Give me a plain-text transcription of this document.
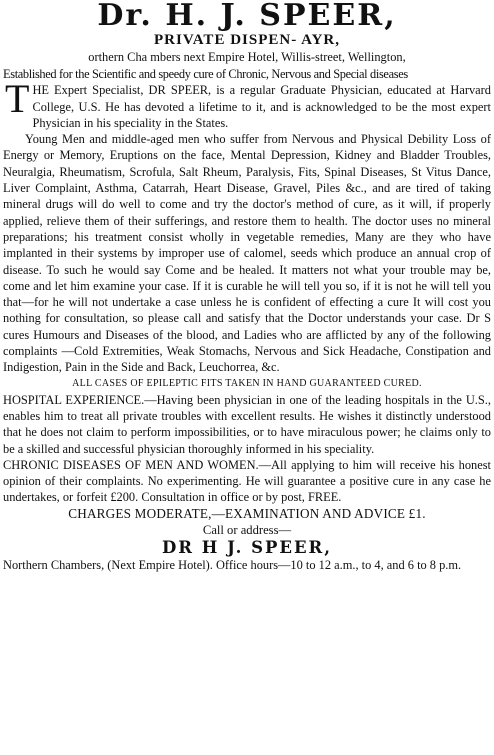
Dr. H. J. SPEER,
PRIVATE DISPEN- AYR,
orthern Cha mbers next Empire Hotel, Willis-street, Wellington,
Established for the Scientific and speedy cure of Chronic, Nervous and Special diseases

THE Expert Specialist, DR SPEER, is a regular Graduate Physician, educated at Harvard College, U.S. He has devoted a lifetime to it, and is acknowledged to be the most expert Physician in his speciality in the States.

Young Men and middle-aged men who suffer from Nervous and Physical Debility Loss of Energy or Memory, Eruptions on the face, Mental Depression, Kidney and Bladder Troubles, Neuralgia, Rheumatism, Scrofula, Salt Rheum, Paralysis, Fits, Spinal Diseases, St Vitus Dance, Liver Complaint, Asthma, Catarrah, Heart Disease, Gravel, Piles &c., and are tired of taking mineral drugs will do well to come and try the doctor's method of cure, as it will, if properly applied, relieve them of their sufferings, and restore them to health. The doctor uses no mineral preparations; his treatment consist wholly in vegetable remedies, Many are they who have implanted in their systems by improper use of calomel, seeds which produce an annual crop of disease. To such he would say Come and be healed. It matters not what your trouble may be, come and let him examine your case. If it is curable he will tell you so, if it is not he will tell you that—for he will not undertake a case unless he is confident of effecting a cure It will cost you nothing for consultation, so please call and satisfy that the Doctor understands your case. Dr S cures Humours and Diseases of the blood, and Ladies who are afflicted by any of the following complaints —Cold Extremities, Weak Stomachs, Nervous and Sick Headache, Constipation and Indigestion, Pain in the Side and Back, Leuchorrea, &c.

ALL CASES OF EPILEPTIC FITS TAKEN IN HAND GUARANTEED CURED.

HOSPITAL EXPERIENCE.—Having been physician in one of the leading hospitals in the U.S., enables him to treat all private troubles with excellent results. He wishes it distinctly understood that he does not claim to perform impossibilities, or to have miraculous power; he claims only to be a skilled and successful physician thoroughly informed in his speciality.

CHRONIC DISEASES OF MEN AND WOMEN.—All applying to him will receive his honest opinion of their complaints. No experimenting. He will guarantee a positive cure in any case he undertakes, or forfeit £200. Consultation in office or by post, FREE.

CHARGES MODERATE,—EXAMINATION AND ADVICE £1.
Call or address—
DR H J. SPEER,
Northern Chambers, (Next Empire Hotel). Office hours—10 to 12 a.m., to 4, and 6 to 8 p.m.
